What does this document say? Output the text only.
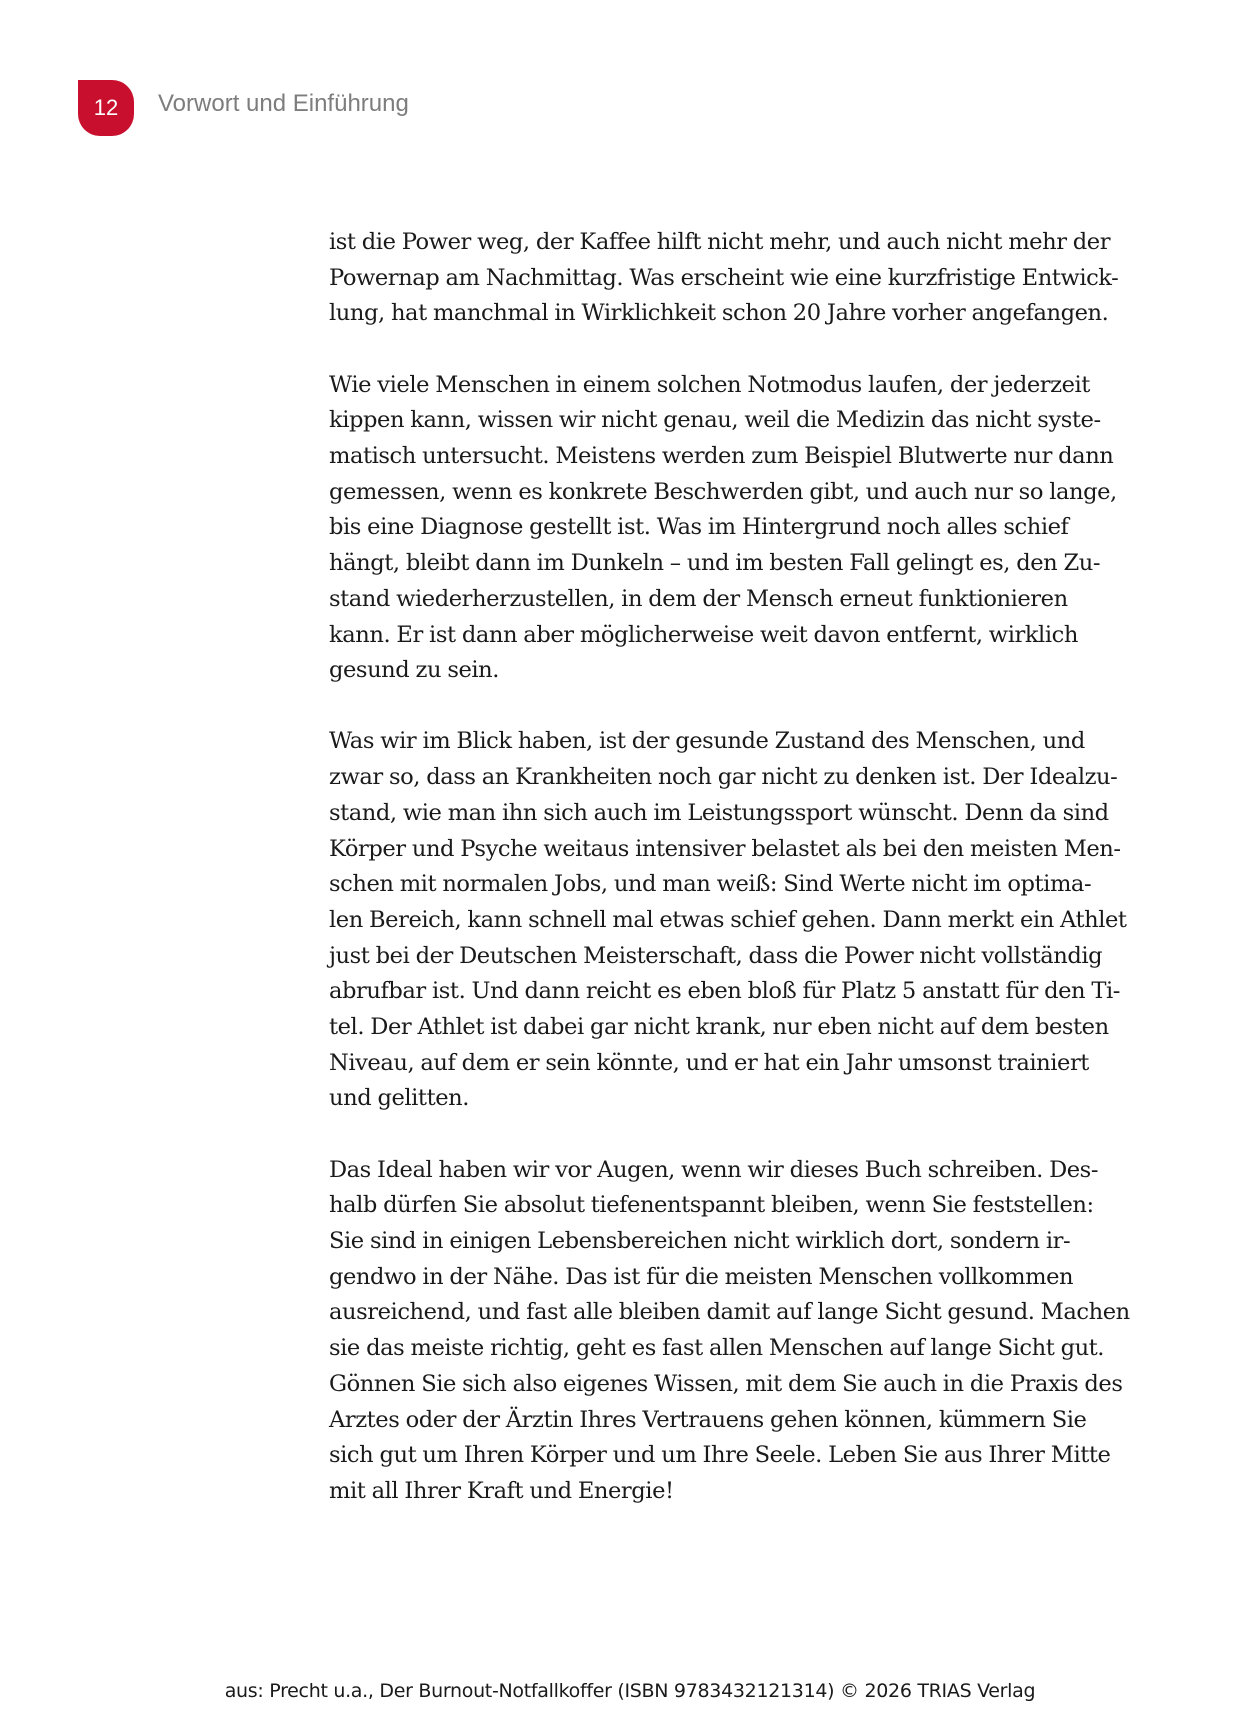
12 Vorwort und Einführung

ist die Power weg, der Kaffee hilft nicht mehr, und auch nicht mehr der
Powernap am Nachmittag. Was erscheint wie eine kurzfristige Entwick-
lung, hat manchmal in Wirklichkeit schon 20 Jahre vorher angefangen.

Wie viele Menschen in einem solchen Notmodus laufen, der jederzeit
kippen kann, wissen wir nicht genau, weil die Medizin das nicht syste-
matisch untersucht. Meistens werden zum Beispiel Blutwerte nur dann
gemessen, wenn es konkrete Beschwerden gibt, und auch nur so lange,
bis eine Diagnose gestellt ist. Was im Hintergrund noch alles schief
hängt, bleibt dann im Dunkeln – und im besten Fall gelingt es, den Zu-
stand wiederherzustellen, in dem der Mensch erneut funktionieren
kann. Er ist dann aber möglicherweise weit davon entfernt, wirklich
gesund zu sein.

Was wir im Blick haben, ist der gesunde Zustand des Menschen, und
zwar so, dass an Krankheiten noch gar nicht zu denken ist. Der Idealzu-
stand, wie man ihn sich auch im Leistungssport wünscht. Denn da sind
Körper und Psyche weitaus intensiver belastet als bei den meisten Men-
schen mit normalen Jobs, und man weiß: Sind Werte nicht im optima-
len Bereich, kann schnell mal etwas schief gehen. Dann merkt ein Athlet
just bei der Deutschen Meisterschaft, dass die Power nicht vollständig
abrufbar ist. Und dann reicht es eben bloß für Platz 5 anstatt für den Ti-
tel. Der Athlet ist dabei gar nicht krank, nur eben nicht auf dem besten
Niveau, auf dem er sein könnte, und er hat ein Jahr umsonst trainiert
und gelitten.

Das Ideal haben wir vor Augen, wenn wir dieses Buch schreiben. Des-
halb dürfen Sie absolut tiefenentspannt bleiben, wenn Sie feststellen:
Sie sind in einigen Lebensbereichen nicht wirklich dort, sondern ir-
gendwo in der Nähe. Das ist für die meisten Menschen vollkommen
ausreichend, und fast alle bleiben damit auf lange Sicht gesund. Machen
sie das meiste richtig, geht es fast allen Menschen auf lange Sicht gut.
Gönnen Sie sich also eigenes Wissen, mit dem Sie auch in die Praxis des
Arztes oder der Ärztin Ihres Vertrauens gehen können, kümmern Sie
sich gut um Ihren Körper und um Ihre Seele. Leben Sie aus Ihrer Mitte
mit all Ihrer Kraft und Energie!

aus: Precht u.a., Der Burnout-Notfallkoffer (ISBN 9783432121314) © 2026 TRIAS Verlag
